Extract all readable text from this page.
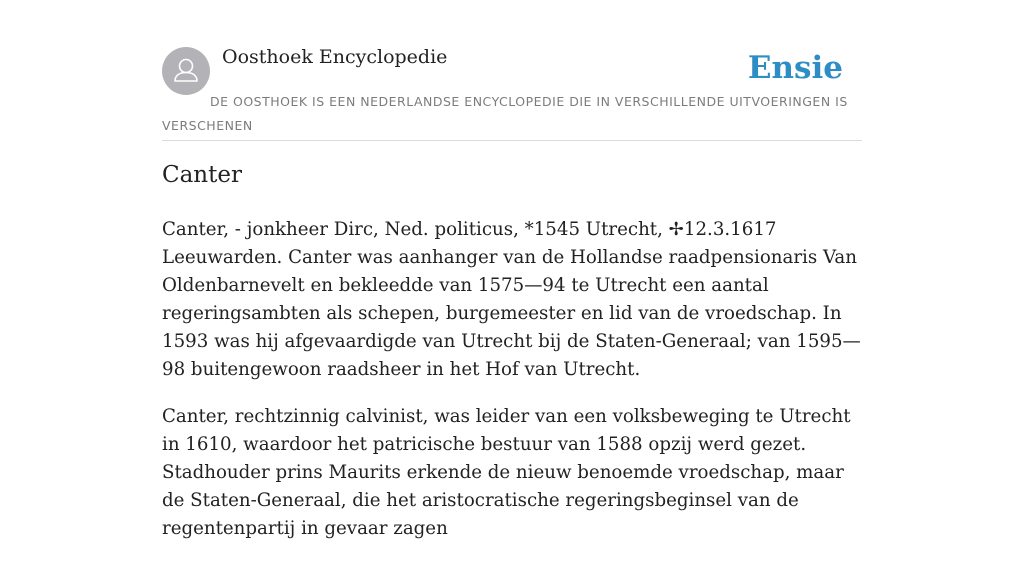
Oosthoek Encyclopedie	Ensie
DE OOSTHOEK IS EEN NEDERLANDSE ENCYCLOPEDIE DIE IN VERSCHILLENDE UITVOERINGEN IS VERSCHENEN
Canter

Canter, - jonkheer Dirc, Ned. politicus, *1545 Utrecht, ✢12.3.1617 Leeuwarden. Canter was aanhanger van de Hollandse raadpensionaris Van Oldenbarnevelt en bekleedde van 1575—94 te Utrecht een aantal regeringsambten als schepen, burgemeester en lid van de vroedschap. In 1593 was hij afgevaardigde van Utrecht bij de Staten-Generaal; van 1595—98 buitengewoon raadsheer in het Hof van Utrecht.

Canter, rechtzinnig calvinist, was leider van een volksbeweging te Utrecht in 1610, waardoor het patricische bestuur van 1588 opzij werd gezet. Stadhouder prins Maurits erkende de nieuw benoemde vroedschap, maar de Staten-Generaal, die het aristocratische regeringsbeginsel van de regentenpartij in gevaar zagen
